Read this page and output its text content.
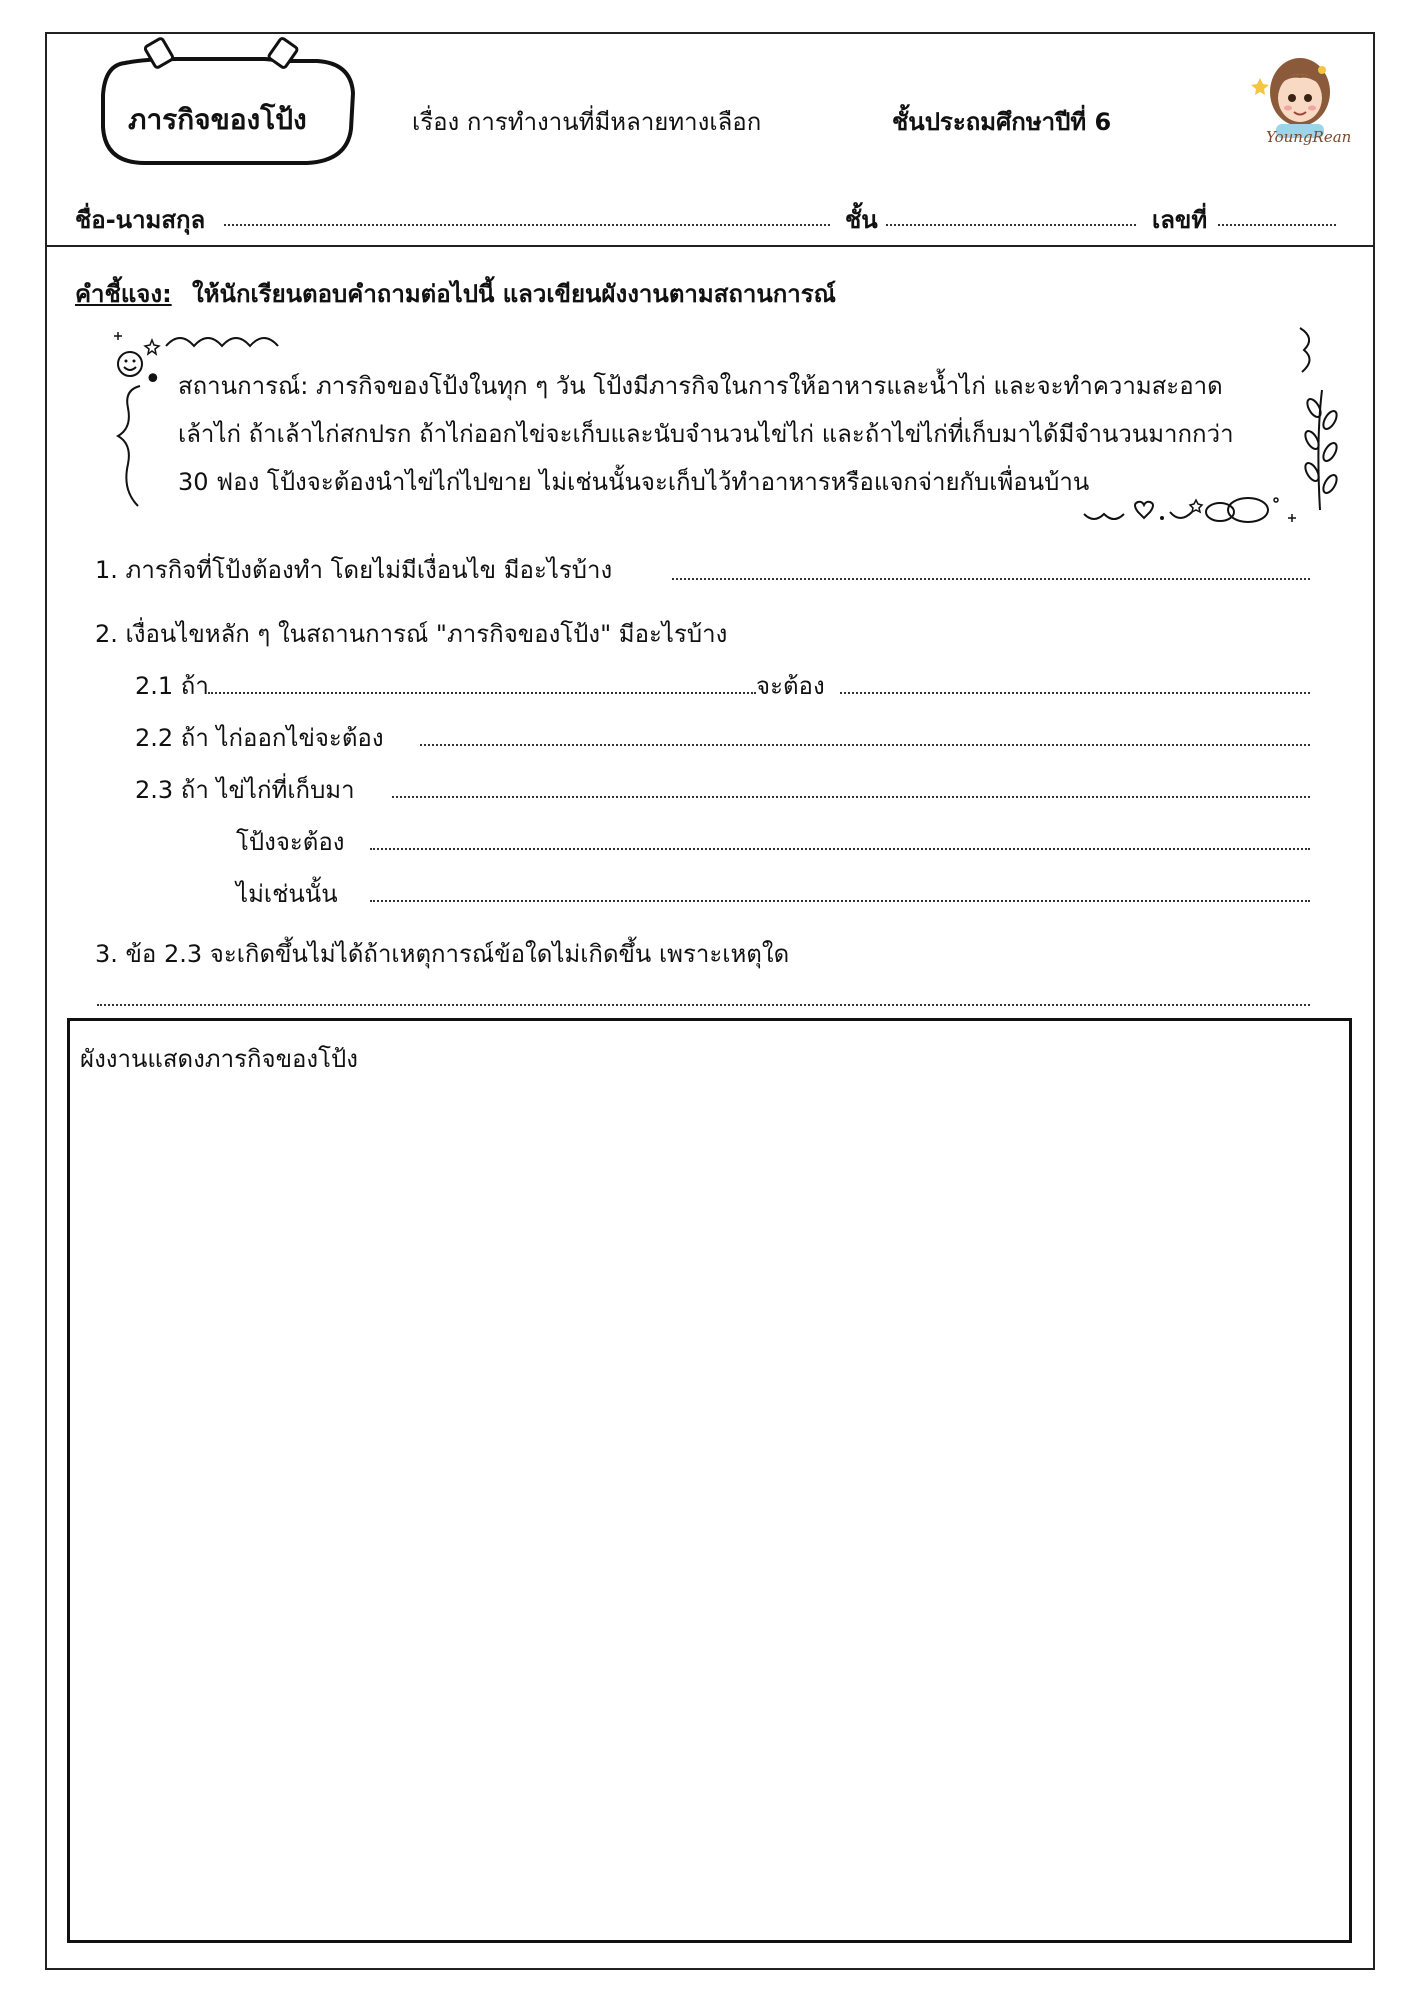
ภารกิจของโป้ง	เรื่อง การทำงานที่มีหลายทางเลือก	ชั้นประถมศึกษาปีที่ 6
YoungRean
ชื่อ-นามสกุล	ชั้น	เลขที่
คำชี้แจง: ให้นักเรียนตอบคำถามต่อไปนี้ แลวเขียนผังงานตามสถานการณ์
• สถานการณ์: ภารกิจของโป้งในทุก ๆ วัน โป้งมีภารกิจในการให้อาหารและน้ำไก่ และจะทำความสะอาด
เล้าไก่ ถ้าเล้าไก่สกปรก ถ้าไก่ออกไข่จะเก็บและนับจำนวนไข่ไก่ และถ้าไข่ไก่ที่เก็บมาได้มีจำนวนมากกว่า
30 ฟอง โป้งจะต้องนำไข่ไก่ไปขาย ไม่เช่นนั้นจะเก็บไว้ทำอาหารหรือแจกจ่ายกับเพื่อนบ้าน
1. ภารกิจที่โป้งต้องทำ โดยไม่มีเงื่อนไข มีอะไรบ้าง
2. เงื่อนไขหลัก ๆ ในสถานการณ์ "ภารกิจของโป้ง" มีอะไรบ้าง
2.1 ถ้า	จะต้อง
2.2 ถ้า ไก่ออกไข่จะต้อง
2.3 ถ้า ไข่ไก่ที่เก็บมา
โป้งจะต้อง
ไม่เช่นนั้น
3. ข้อ 2.3 จะเกิดขึ้นไม่ได้ถ้าเหตุการณ์ข้อใดไม่เกิดขึ้น เพราะเหตุใด
ผังงานแสดงภารกิจของโป้ง
